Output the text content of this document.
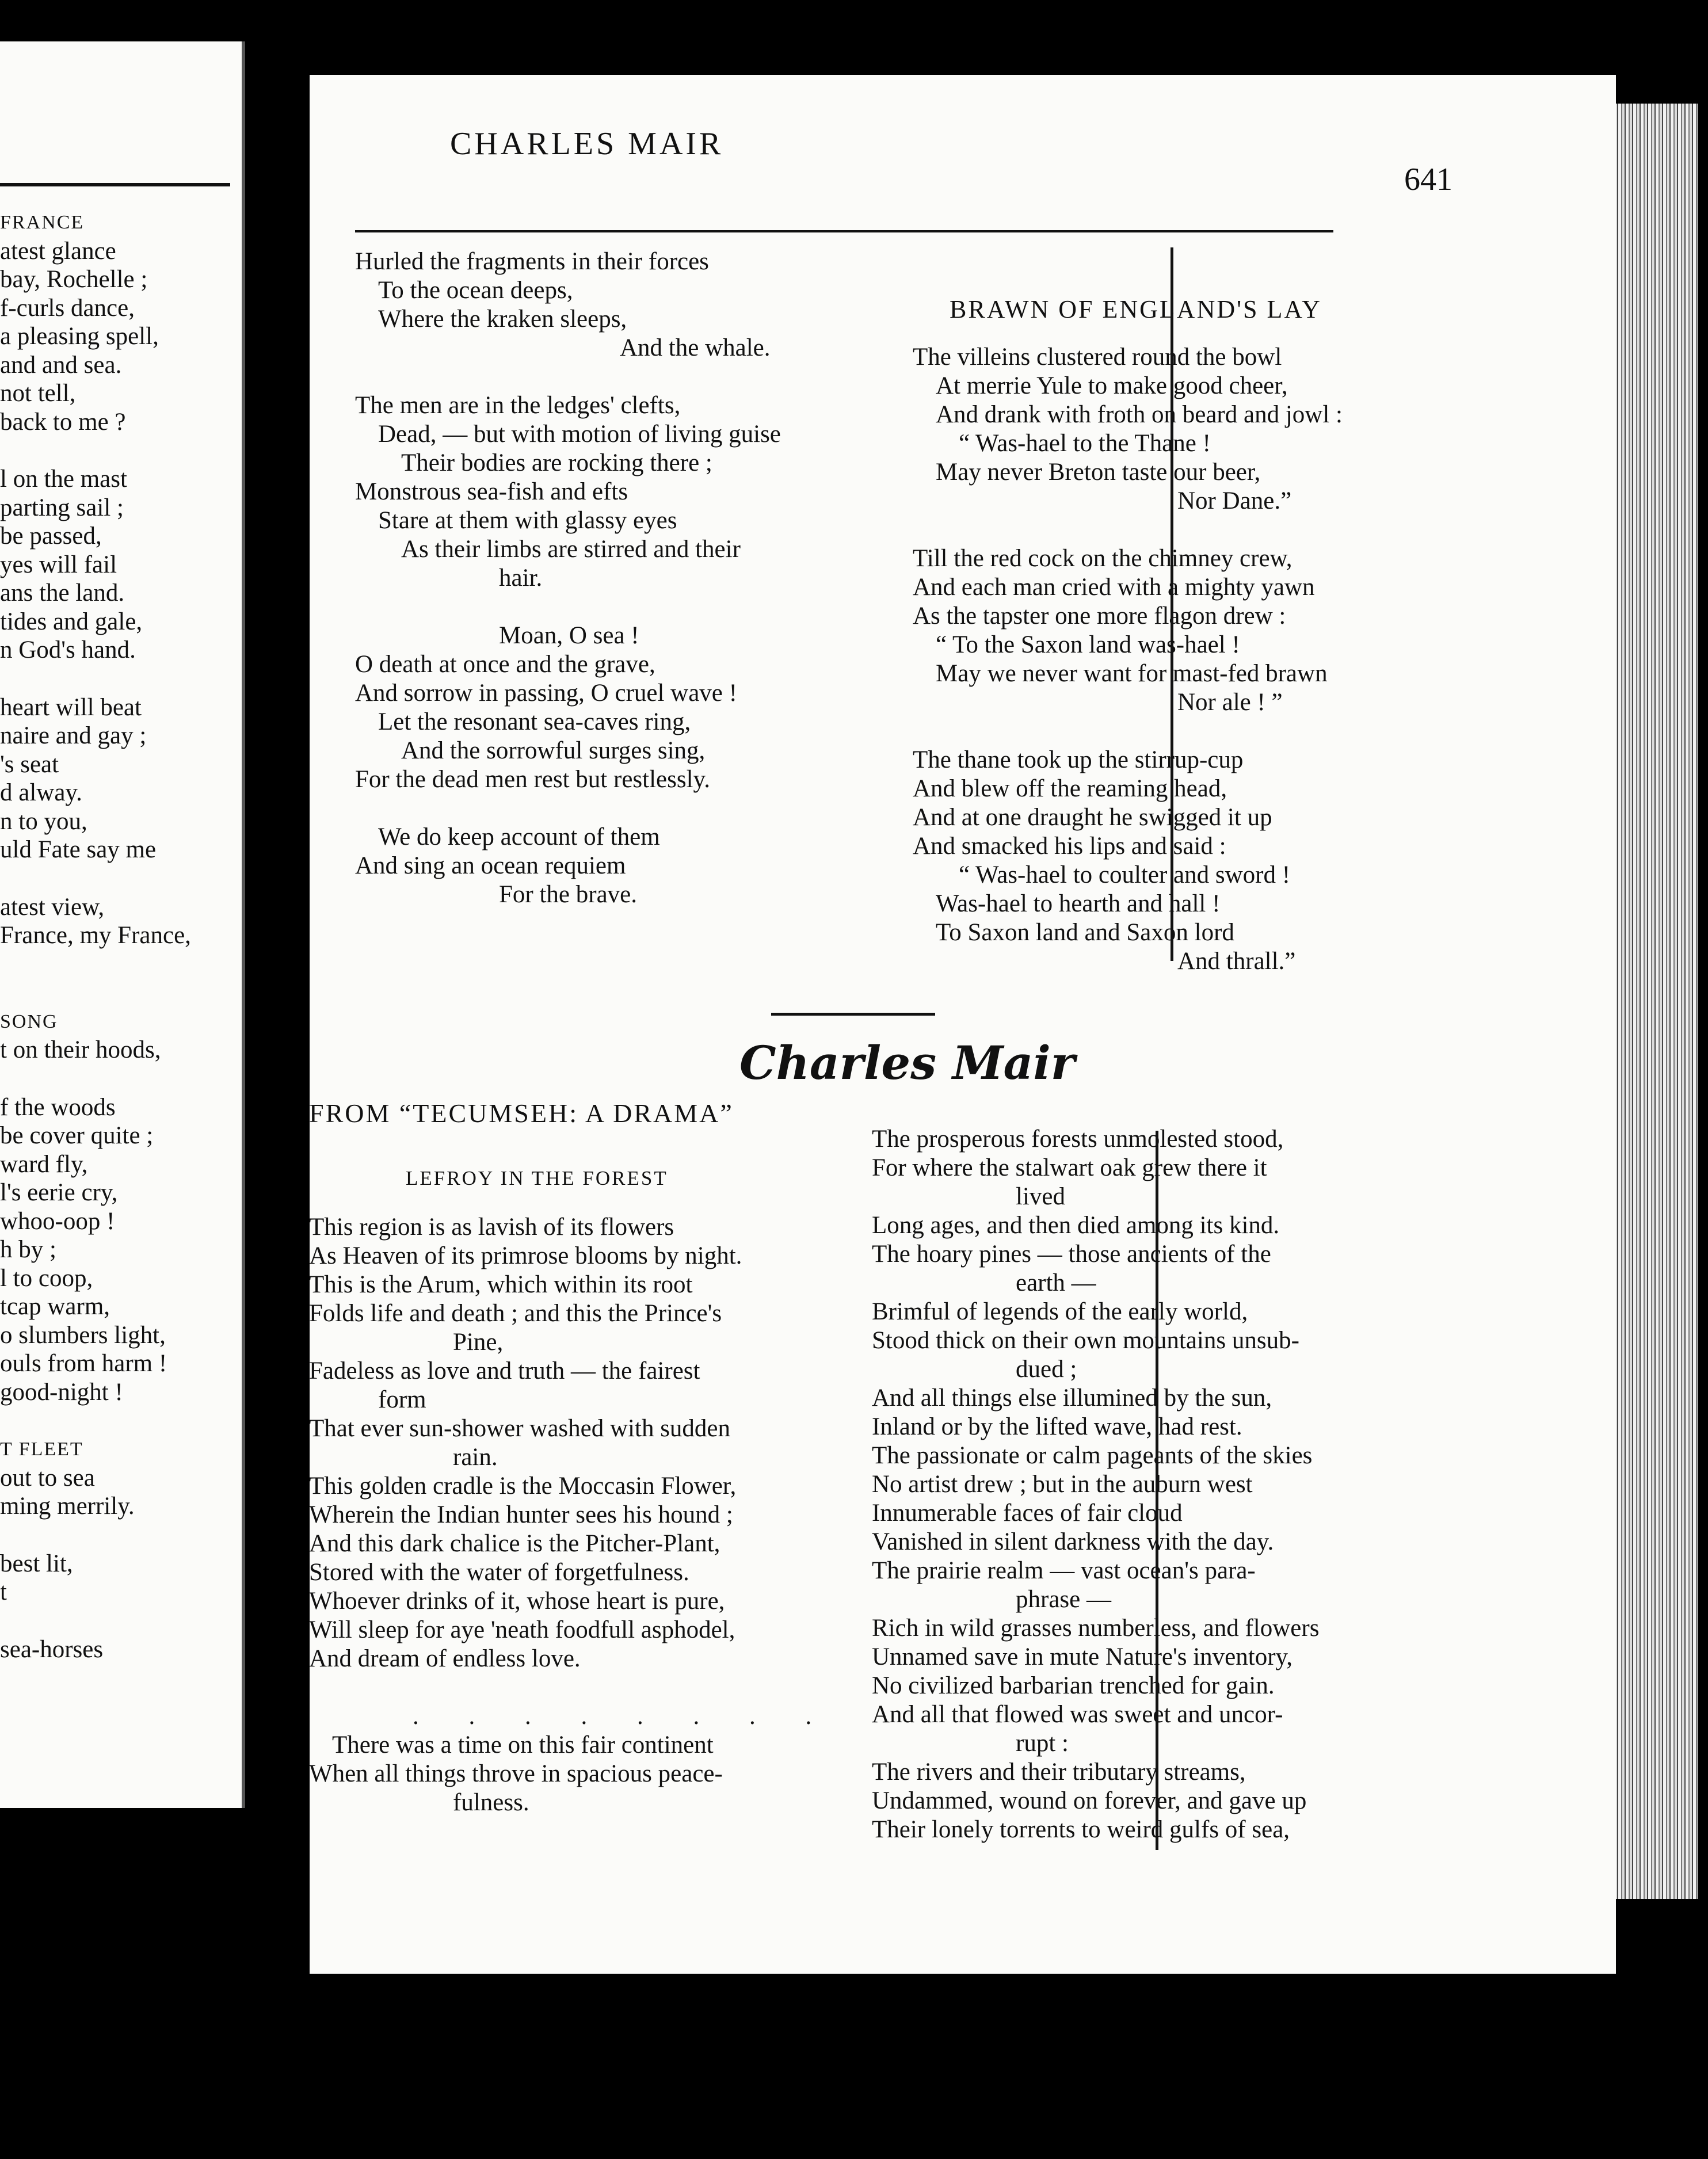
FRANCE
atest glance
bay, Rochelle ;
f-curls dance,
a pleasing spell,
and and sea.
not tell,
back to me ?
l on the mast
parting sail ;
be passed,
yes will fail
ans the land.
tides and gale,
n God's hand.
heart will beat
naire and gay ;
's seat
d alway.
n to you,
uld Fate say me
atest view,
France, my France,
SONG
t on their hoods,
f the woods
be cover quite ;
ward fly,
l's eerie cry,
whoo-oop !
h by ;
l to coop,
tcap warm,
o slumbers light,
ouls from harm !
good-night !
T FLEET
out to sea
ming merrily.
best lit,
t
sea-horses
CHARLES MAIR
641
Hurled the fragments in their forces
To the ocean deeps,
Where the kraken sleeps,
And the whale.
The men are in the ledges' clefts,
Dead, — but with motion of living guise
Their bodies are rocking there ;
Monstrous sea-fish and efts
Stare at them with glassy eyes
As their limbs are stirred and their
hair.
Moan, O sea !
O death at once and the grave,
And sorrow in passing, O cruel wave !
Let the resonant sea-caves ring,
And the sorrowful surges sing,
For the dead men rest but restlessly.
We do keep account of them
And sing an ocean requiem
For the brave.
BRAWN OF ENGLAND'S LAY
The villeins clustered round the bowl
At merrie Yule to make good cheer,
And drank with froth on beard and jowl :
“ Was-hael to the Thane !
May never Breton taste our beer,
Nor Dane.”
Till the red cock on the chimney crew,
And each man cried with a mighty yawn
As the tapster one more flagon drew :
“ To the Saxon land was-hael !
May we never want for mast-fed brawn
Nor ale ! ”
The thane took up the stirrup-cup
And blew off the reaming head,
And at one draught he swigged it up
And smacked his lips and said :
“ Was-hael to coulter and sword !
Was-hael to hearth and hall !
To Saxon land and Saxon lord
And thrall.”
Charles Mair
FROM “TECUMSEH: A DRAMA”
LEFROY IN THE FOREST
This region is as lavish of its flowers
As Heaven of its primrose blooms by night.
This is the Arum, which within its root
Folds life and death ; and this the Prince's
Pine,
Fadeless as love and truth — the fairest
form
That ever sun-shower washed with sudden
rain.
This golden cradle is the Moccasin Flower,
Wherein the Indian hunter sees his hound ;
And this dark chalice is the Pitcher-Plant,
Stored with the water of forgetfulness.
Whoever drinks of it, whose heart is pure,
Will sleep for aye 'neath foodfull asphodel,
And dream of endless love.
. . . . . . . .
There was a time on this fair continent
When all things throve in spacious peace-
fulness.
The prosperous forests unmolested stood,
For where the stalwart oak grew there it
lived
Long ages, and then died among its kind.
The hoary pines — those ancients of the
earth —
Brimful of legends of the early world,
Stood thick on their own mountains unsub-
dued ;
And all things else illumined by the sun,
Inland or by the lifted wave, had rest.
The passionate or calm pageants of the skies
No artist drew ; but in the auburn west
Innumerable faces of fair cloud
Vanished in silent darkness with the day.
The prairie realm — vast ocean's para-
phrase —
Rich in wild grasses numberless, and flowers
Unnamed save in mute Nature's inventory,
No civilized barbarian trenched for gain.
And all that flowed was sweet and uncor-
rupt :
The rivers and their tributary streams,
Undammed, wound on forever, and gave up
Their lonely torrents to weird gulfs of sea,
